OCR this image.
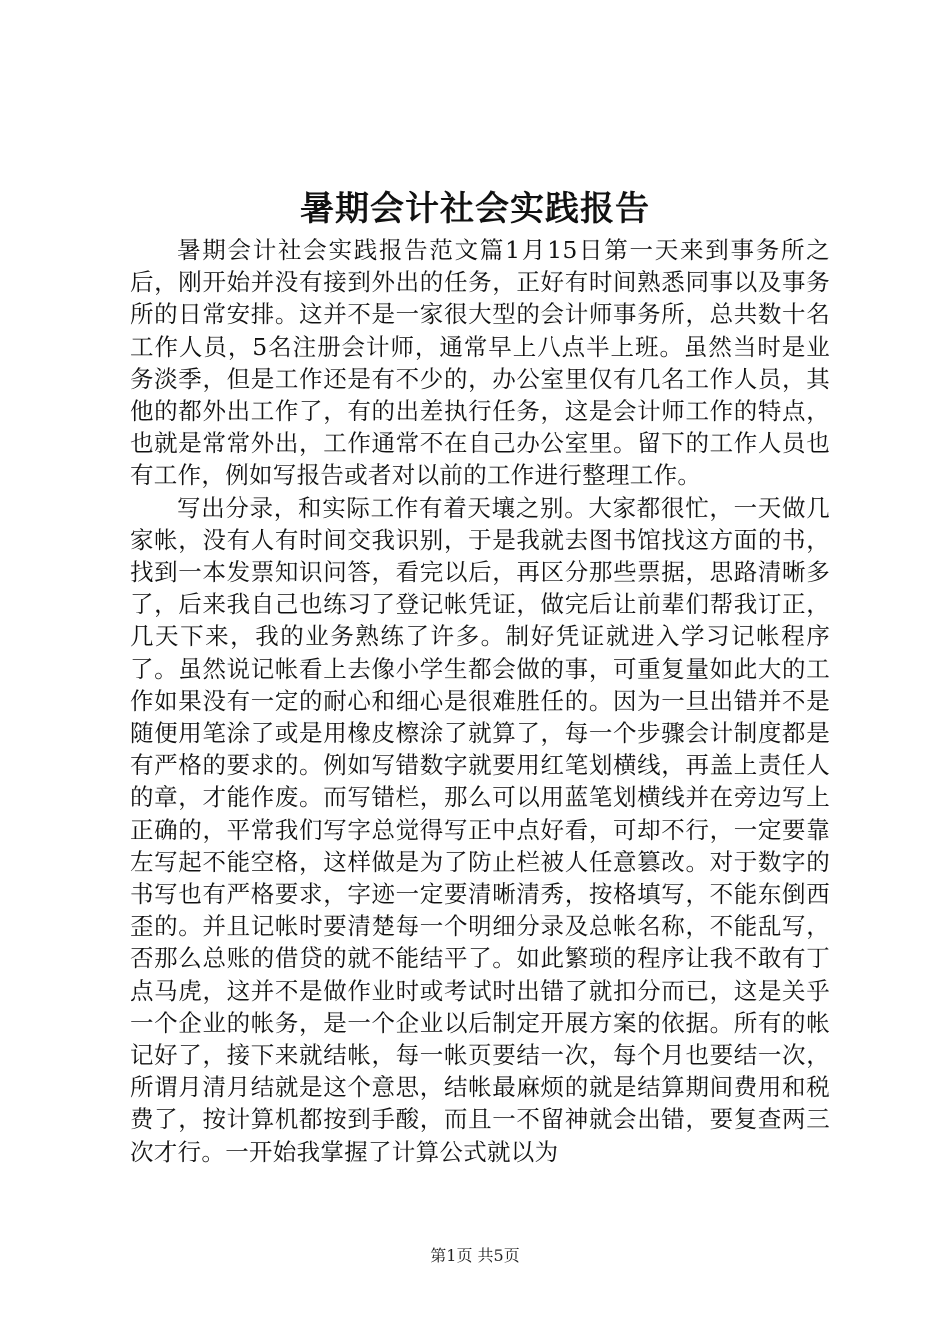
暑期会计社会实践报告

暑期会计社会实践报告范文篇1月15日第一天来到事务所之后，刚开始并没有接到外出的任务，正好有时间熟悉同事以及事务所的日常安排。这并不是一家很大型的会计师事务所，总共数十名工作人员，5名注册会计师，通常早上八点半上班。虽然当时是业务淡季，但是工作还是有不少的，办公室里仅有几名工作人员，其他的都外出工作了，有的出差执行任务，这是会计师工作的特点，也就是常常外出，工作通常不在自己办公室里。留下的工作人员也有工作，例如写报告或者对以前的工作进行整理工作。

写出分录，和实际工作有着天壤之别。大家都很忙，一天做几家帐，没有人有时间交我识别，于是我就去图书馆找这方面的书，找到一本发票知识问答，看完以后，再区分那些票据，思路清晰多了，后来我自己也练习了登记帐凭证，做完后让前辈们帮我订正，几天下来，我的业务熟练了许多。制好凭证就进入学习记帐程序了。虽然说记帐看上去像小学生都会做的事，可重复量如此大的工作如果没有一定的耐心和细心是很难胜任的。因为一旦出错并不是随便用笔涂了或是用橡皮檫涂了就算了，每一个步骤会计制度都是有严格的要求的。例如写错数字就要用红笔划横线，再盖上责任人的章，才能作废。而写错栏，那么可以用蓝笔划横线并在旁边写上正确的，平常我们写字总觉得写正中点好看，可却不行，一定要靠左写起不能空格，这样做是为了防止栏被人任意篡改。对于数字的书写也有严格要求，字迹一定要清晰清秀，按格填写，不能东倒西歪的。并且记帐时要清楚每一个明细分录及总帐名称，不能乱写，否那么总账的借贷的就不能结平了。如此繁琐的程序让我不敢有丁点马虎，这并不是做作业时或考试时出错了就扣分而已，这是关乎一个企业的帐务，是一个企业以后制定开展方案的依据。所有的帐记好了，接下来就结帐，每一帐页要结一次，每个月也要结一次，所谓月清月结就是这个意思，结帐最麻烦的就是结算期间费用和税费了，按计算机都按到手酸，而且一不留神就会出错，要复查两三次才行。一开始我掌握了计算公式就以为

第1页 共5页
